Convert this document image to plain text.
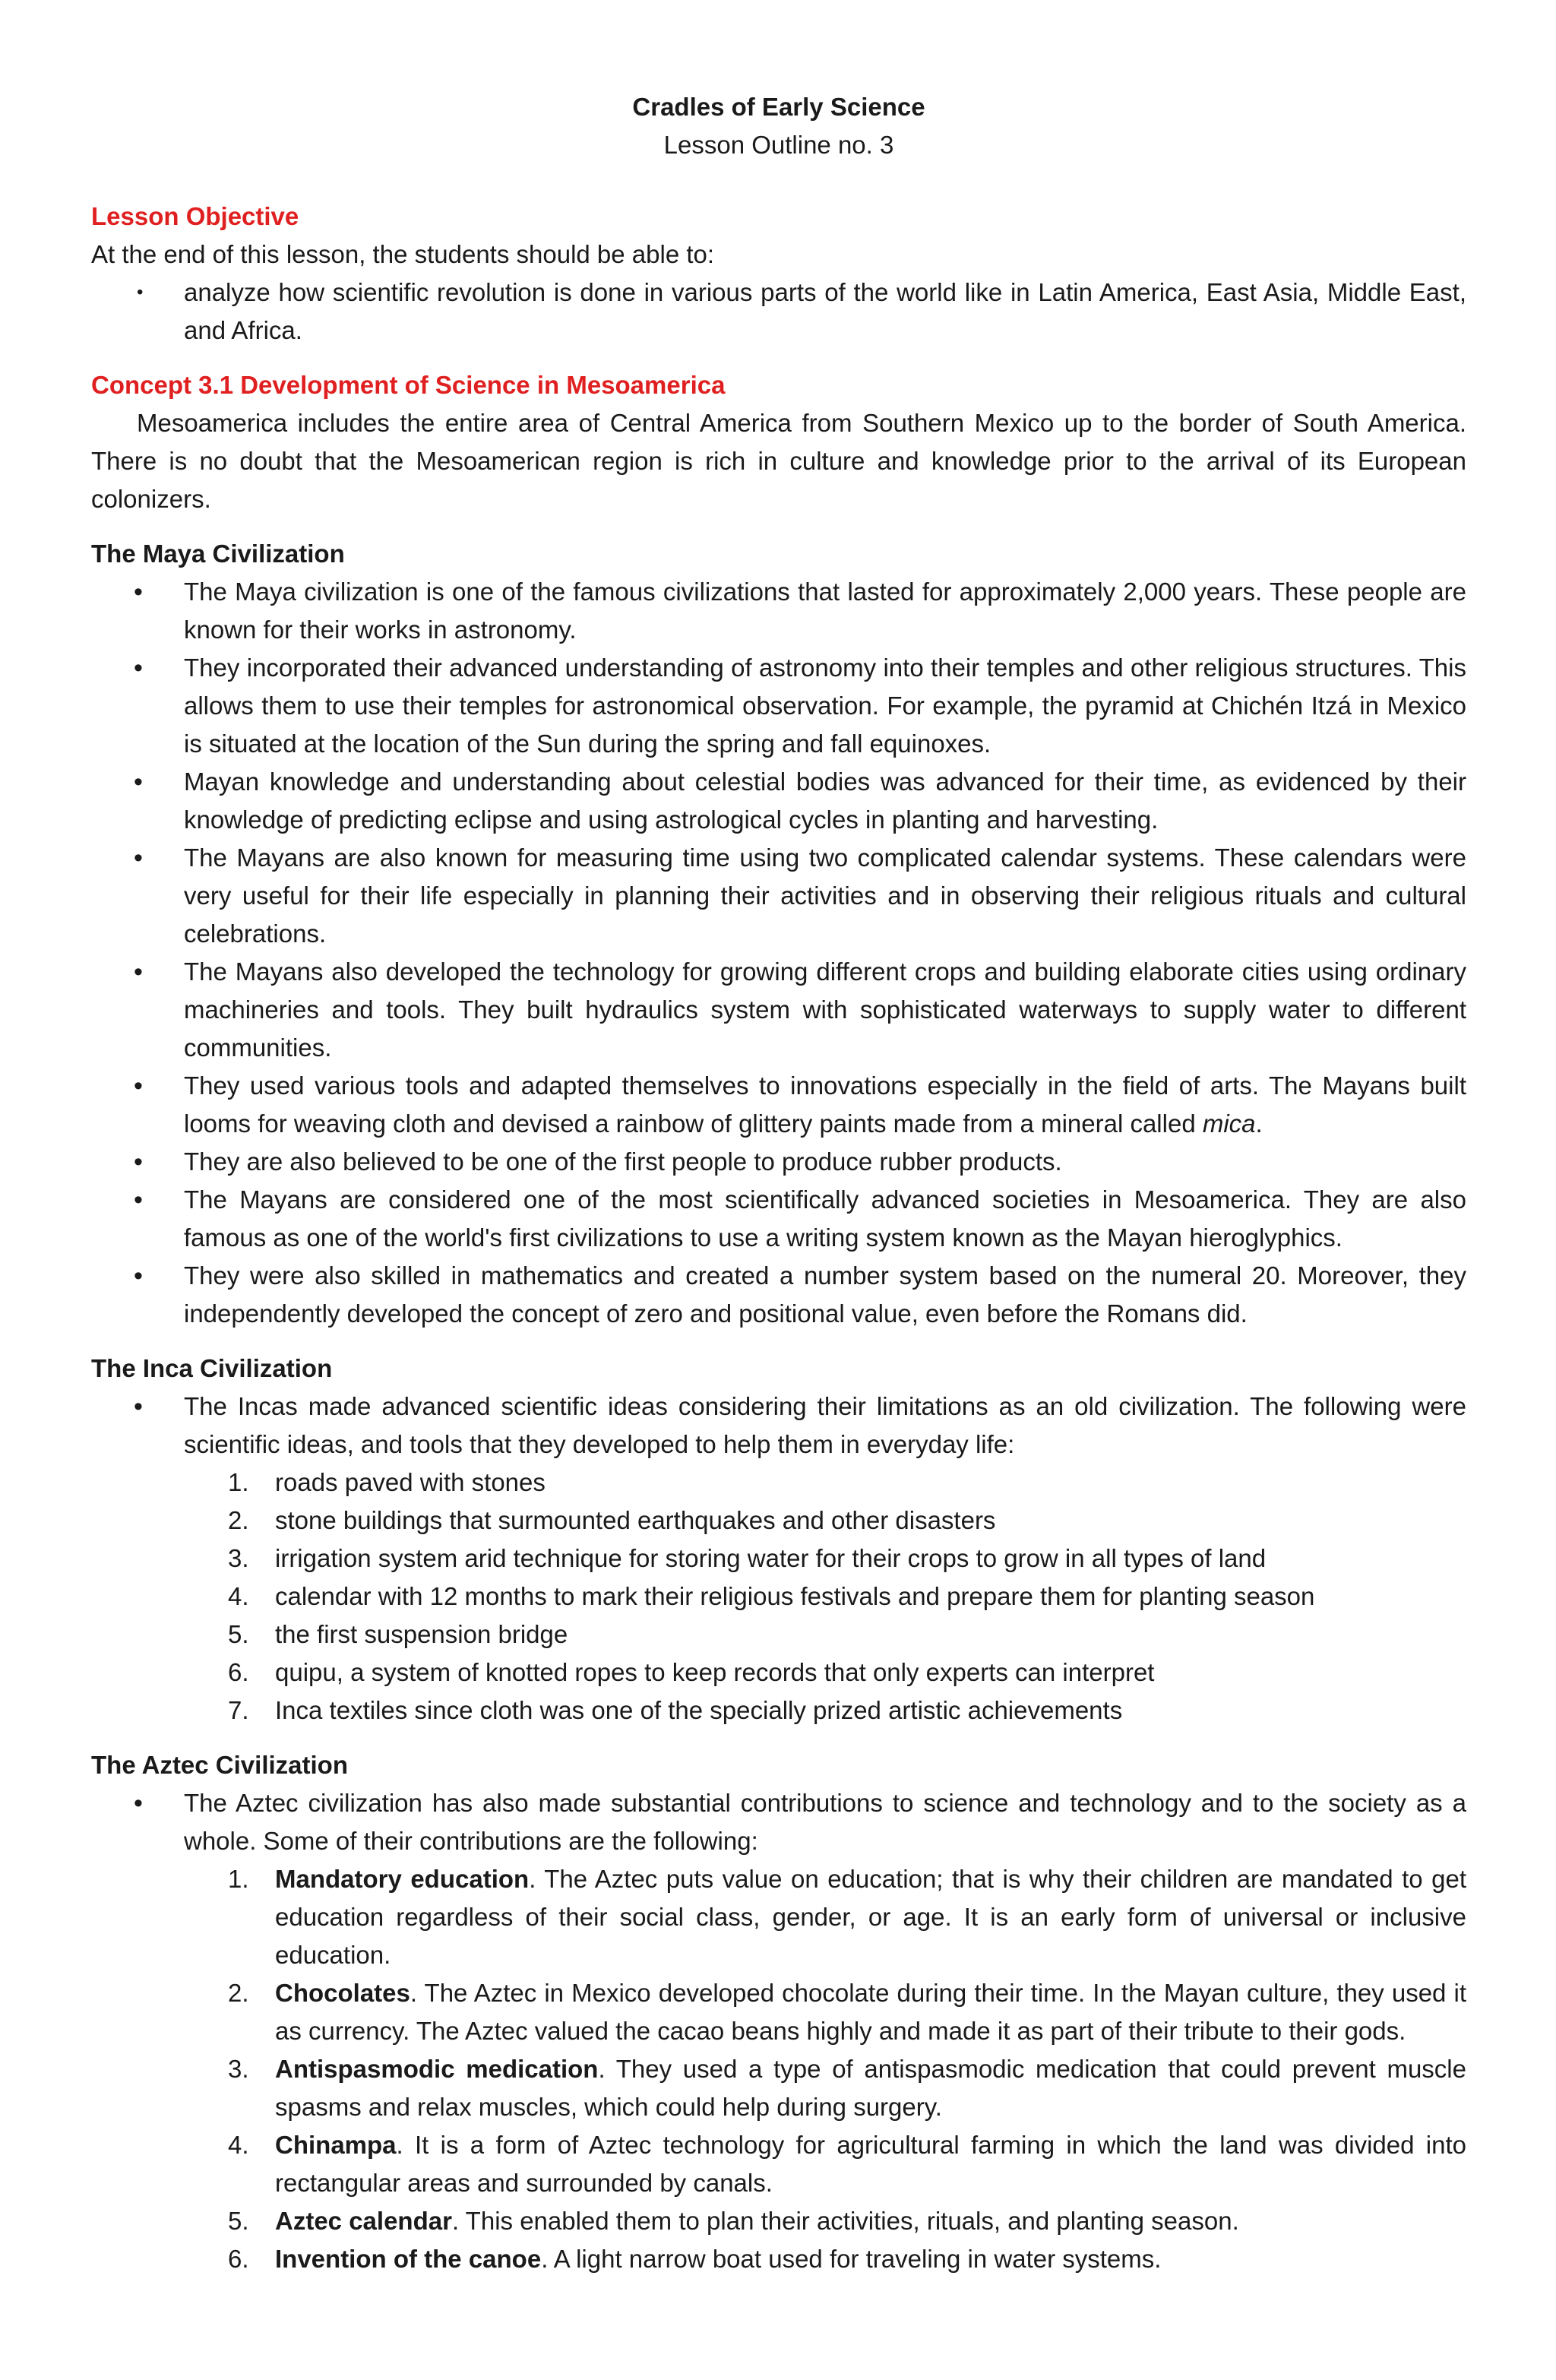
Cradles of Early Science
Lesson Outline no. 3
Lesson Objective

At the end of this lesson, the students should be able to:

• analyze how scientific revolution is done in various parts of the world like in Latin America, East Asia, Middle East, and Africa.
Concept 3.1 Development of Science in Mesoamerica

Mesoamerica includes the entire area of Central America from Southern Mexico up to the border of South America. There is no doubt that the Mesoamerican region is rich in culture and knowledge prior to the arrival of its European colonizers.

The Maya Civilization
• The Maya civilization is one of the famous civilizations that lasted for approximately 2,000 years. These people are known for their works in astronomy.
• They incorporated their advanced understanding of astronomy into their temples and other religious structures. This allows them to use their temples for astronomical observation. For example, the pyramid at Chichén Itzá in Mexico is situated at the location of the Sun during the spring and fall equinoxes.
• Mayan knowledge and understanding about celestial bodies was advanced for their time, as evidenced by their knowledge of predicting eclipse and using astrological cycles in planting and harvesting.
• The Mayans are also known for measuring time using two complicated calendar systems. These calendars were very useful for their life especially in planning their activities and in observing their religious rituals and cultural celebrations.
• The Mayans also developed the technology for growing different crops and building elaborate cities using ordinary machineries and tools. They built hydraulics system with sophisticated waterways to supply water to different communities.
• They used various tools and adapted themselves to innovations especially in the field of arts. The Mayans built looms for weaving cloth and devised a rainbow of glittery paints made from a mineral called mica.
• They are also believed to be one of the first people to produce rubber products.
• The Mayans are considered one of the most scientifically advanced societies in Mesoamerica. They are also famous as one of the world's first civilizations to use a writing system known as the Mayan hieroglyphics.
• They were also skilled in mathematics and created a number system based on the numeral 20. Moreover, they independently developed the concept of zero and positional value, even before the Romans did.
The Inca Civilization
• The Incas made advanced scientific ideas considering their limitations as an old civilization. The following were scientific ideas, and tools that they developed to help them in everyday life:
1.	roads paved with stones
2.	stone buildings that surmounted earthquakes and other disasters
3.	irrigation system arid technique for storing water for their crops to grow in all types of land
4.	calendar with 12 months to mark their religious festivals and prepare them for planting season
5.	the first suspension bridge
6.	quipu, a system of knotted ropes to keep records that only experts can interpret
7.	Inca textiles since cloth was one of the specially prized artistic achievements
The Aztec Civilization
• The Aztec civilization has also made substantial contributions to science and technology and to the society as a whole. Some of their contributions are the following:
1.	Mandatory education. The Aztec puts value on education; that is why their children are mandated to get education regardless of their social class, gender, or age. It is an early form of universal or inclusive education.
2.	Chocolates. The Aztec in Mexico developed chocolate during their time. In the Mayan culture, they used it as currency. The Aztec valued the cacao beans highly and made it as part of their tribute to their gods.
3.	Antispasmodic medication. They used a type of antispasmodic medication that could prevent muscle spasms and relax muscles, which could help during surgery.
4.	Chinampa. It is a form of Aztec technology for agricultural farming in which the land was divided into rectangular areas and surrounded by canals.
5.	Aztec calendar. This enabled them to plan their activities, rituals, and planting season.
6.	Invention of the canoe. A light narrow boat used for traveling in water systems.
